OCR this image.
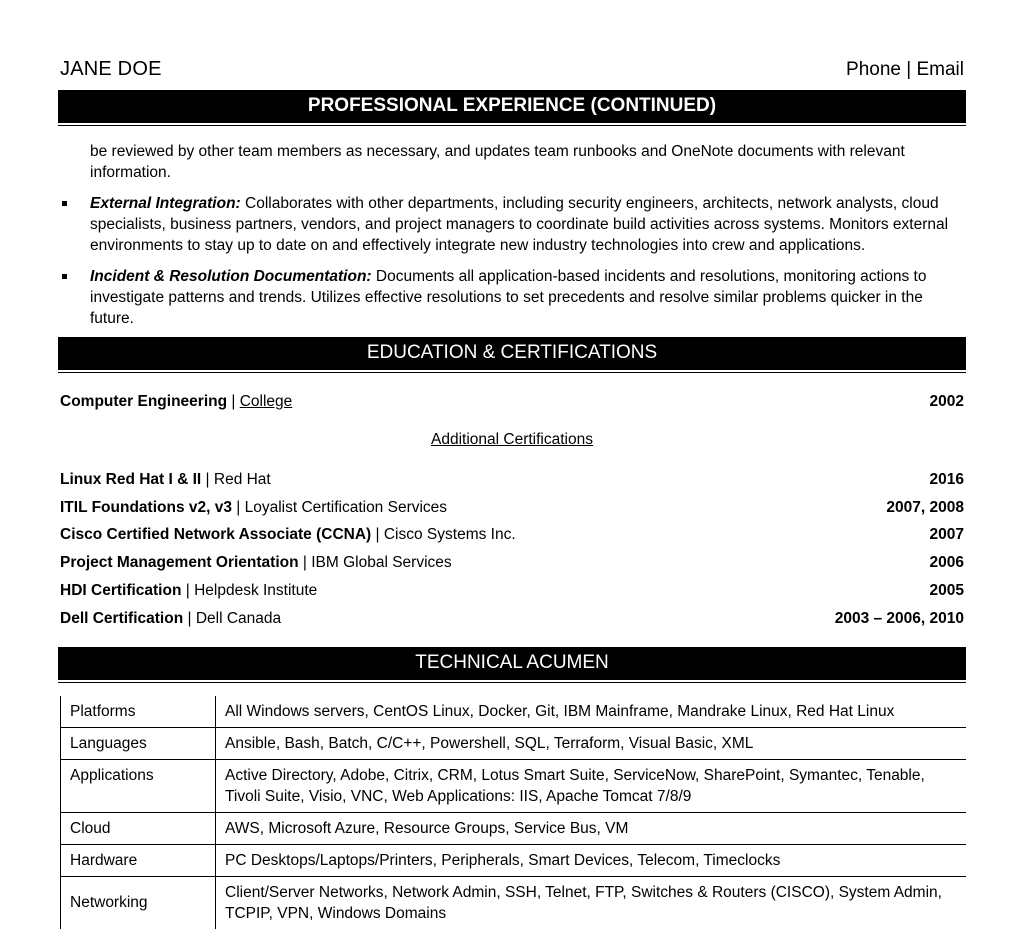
JANE DOE	Phone | Email
PROFESSIONAL EXPERIENCE (CONTINUED)
be reviewed by other team members as necessary, and updates team runbooks and OneNote documents with relevant information.
External Integration: Collaborates with other departments, including security engineers, architects, network analysts, cloud specialists, business partners, vendors, and project managers to coordinate build activities across systems. Monitors external environments to stay up to date on and effectively integrate new industry technologies into crew and applications.
Incident & Resolution Documentation: Documents all application-based incidents and resolutions, monitoring actions to investigate patterns and trends. Utilizes effective resolutions to set precedents and resolve similar problems quicker in the future.
EDUCATION & CERTIFICATIONS
Computer Engineering | College	2002
Additional Certifications
Linux Red Hat I & II | Red Hat	2016
ITIL Foundations v2, v3 | Loyalist Certification Services	2007, 2008
Cisco Certified Network Associate (CCNA) | Cisco Systems Inc.	2007
Project Management Orientation | IBM Global Services	2006
HDI Certification | Helpdesk Institute	2005
Dell Certification | Dell Canada	2003 – 2006, 2010
TECHNICAL ACUMEN
Platforms	All Windows servers, CentOS Linux, Docker, Git, IBM Mainframe, Mandrake Linux, Red Hat Linux
Languages	Ansible, Bash, Batch, C/C++, Powershell, SQL, Terraform, Visual Basic, XML
Applications	Active Directory, Adobe, Citrix, CRM, Lotus Smart Suite, ServiceNow, SharePoint, Symantec, Tenable, Tivoli Suite, Visio, VNC, Web Applications: IIS, Apache Tomcat 7/8/9
Cloud	AWS, Microsoft Azure, Resource Groups, Service Bus, VM
Hardware	PC Desktops/Laptops/Printers, Peripherals, Smart Devices, Telecom, Timeclocks
Networking	Client/Server Networks, Network Admin, SSH, Telnet, FTP, Switches & Routers (CISCO), System Admin, TCPIP, VPN, Windows Domains
